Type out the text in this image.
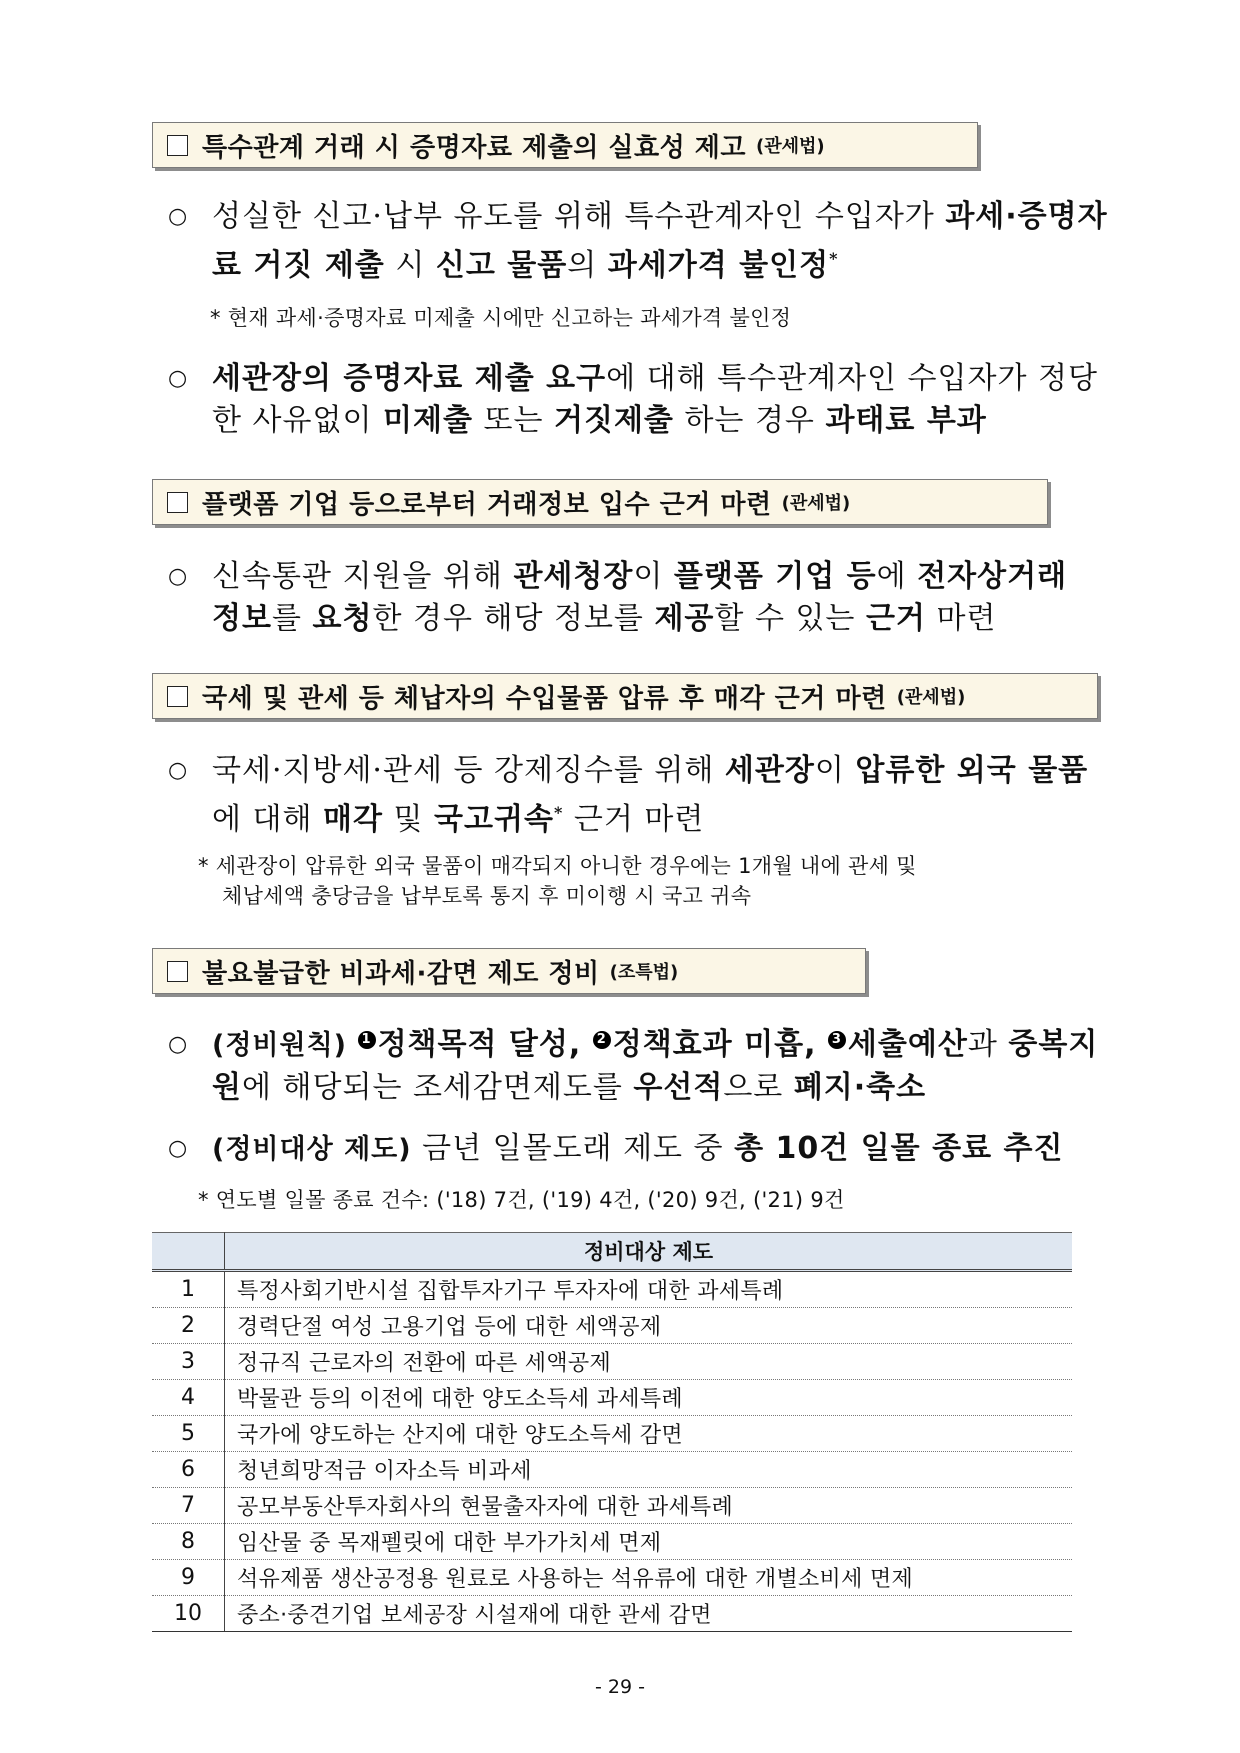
특수관계 거래 시 증명자료 제출의 실효성 제고 (관세법)
○ 성실한 신고·납부 유도를 위해 특수관계자인 수입자가 과세·증명자료 거짓 제출 시 신고 물품의 과세가격 불인정*
* 현재 과세·증명자료 미제출 시에만 신고하는 과세가격 불인정
○ 세관장의 증명자료 제출 요구에 대해 특수관계자인 수입자가 정당한 사유없이 미제출 또는 거짓제출 하는 경우 과태료 부과
플랫폼 기업 등으로부터 거래정보 입수 근거 마련 (관세법)
○ 신속통관 지원을 위해 관세청장이 플랫폼 기업 등에 전자상거래 정보를 요청한 경우 해당 정보를 제공할 수 있는 근거 마련
국세 및 관세 등 체납자의 수입물품 압류 후 매각 근거 마련 (관세법)
○ 국세·지방세·관세 등 강제징수를 위해 세관장이 압류한 외국 물품에 대해 매각 및 국고귀속* 근거 마련
* 세관장이 압류한 외국 물품이 매각되지 아니한 경우에는 1개월 내에 관세 및
체납세액 충당금을 납부토록 통지 후 미이행 시 국고 귀속
불요불급한 비과세·감면 제도 정비 (조특법)
○ (정비원칙) 1 정책목적 달성, 2 정책효과 미흡, 3 세출예산과 중복지원에 해당되는 조세감면제도를 우선적으로 폐지·축소
○ (정비대상 제도) 금년 일몰도래 제도 중 총 10건 일몰 종료 추진
* 연도별 일몰 종료 건수: ('18) 7건, ('19) 4건, ('20) 9건, ('21) 9건
	정비대상 제도
1	특정사회기반시설 집합투자기구 투자자에 대한 과세특례
2	경력단절 여성 고용기업 등에 대한 세액공제
3	정규직 근로자의 전환에 따른 세액공제
4	박물관 등의 이전에 대한 양도소득세 과세특례
5	국가에 양도하는 산지에 대한 양도소득세 감면
6	청년희망적금 이자소득 비과세
7	공모부동산투자회사의 현물출자자에 대한 과세특례
8	임산물 중 목재펠릿에 대한 부가가치세 면제
9	석유제품 생산공정용 원료로 사용하는 석유류에 대한 개별소비세 면제
10	중소·중견기업 보세공장 시설재에 대한 관세 감면
- 29 -
